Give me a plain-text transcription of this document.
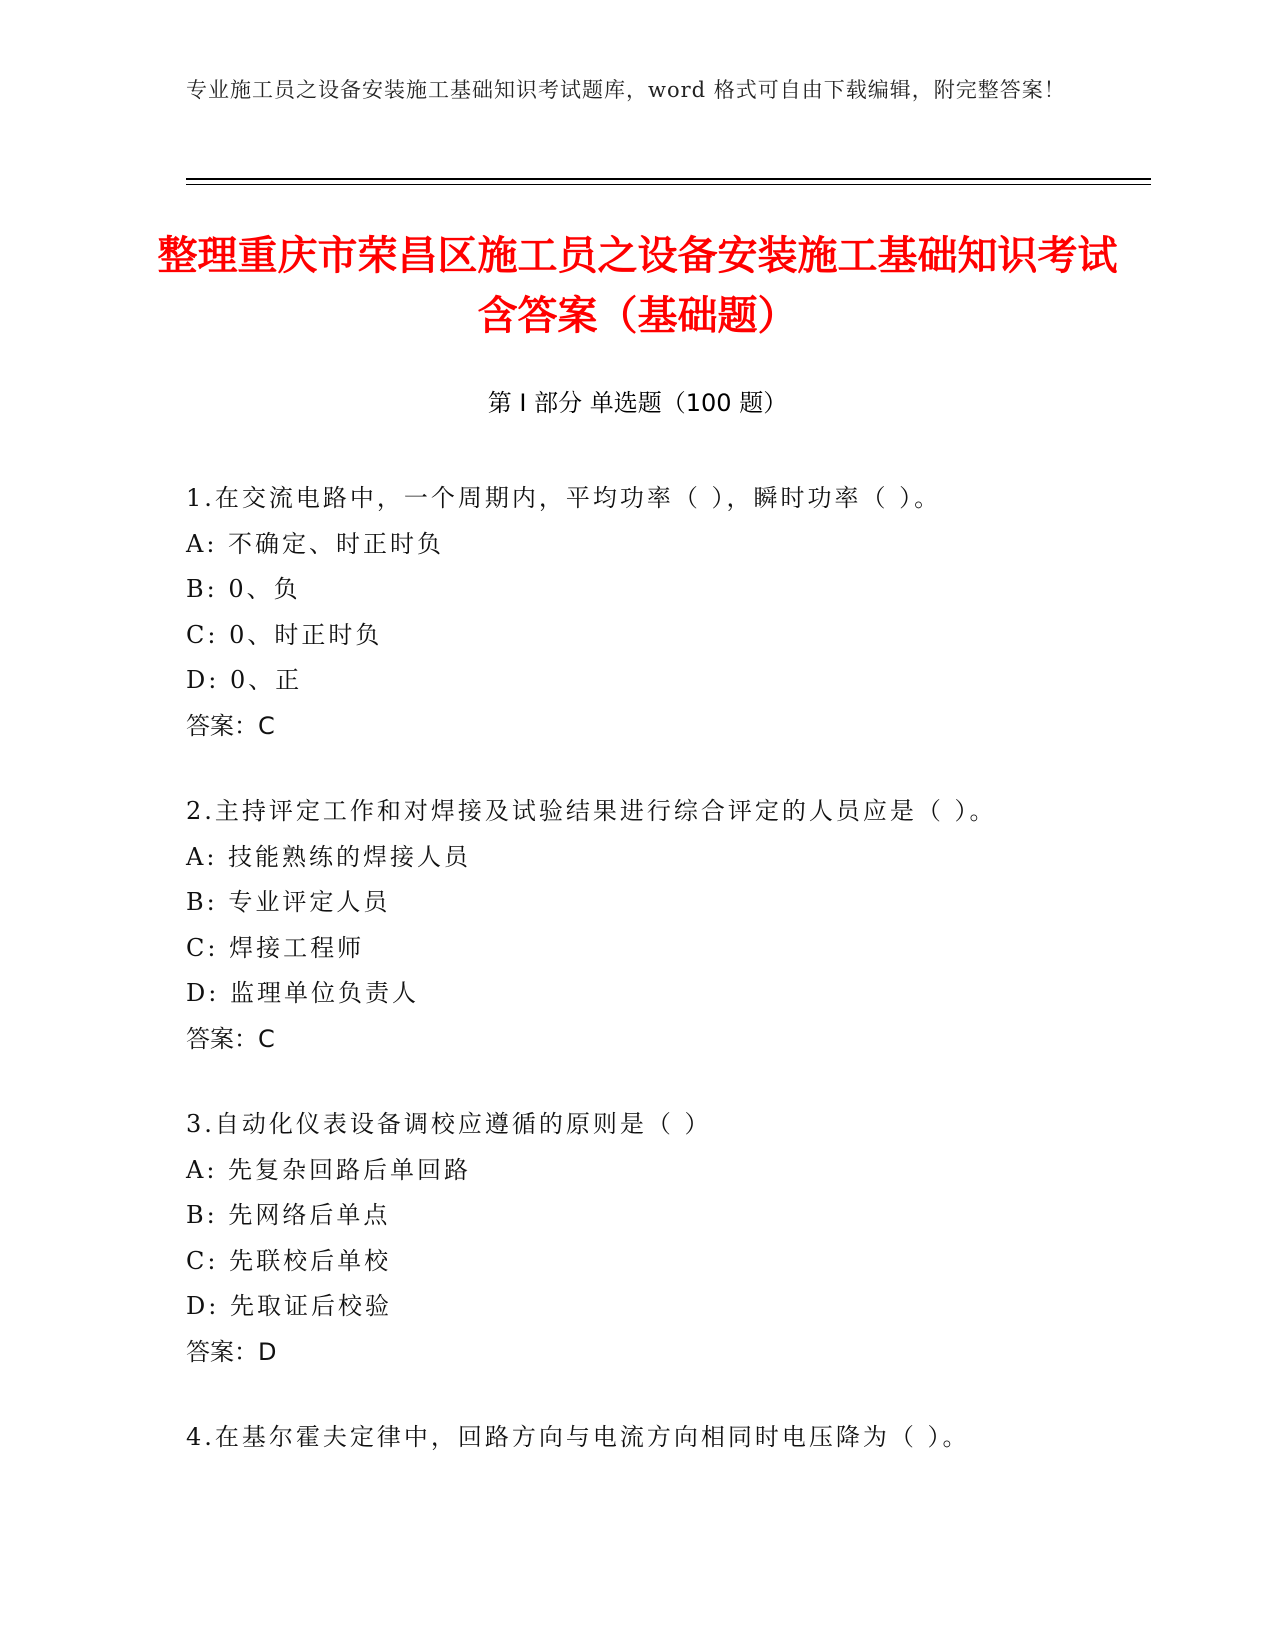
专业施工员之设备安装施工基础知识考试题库，word 格式可自由下载编辑，附完整答案！
整理重庆市荣昌区施工员之设备安装施工基础知识考试含答案（基础题）
第 I 部分 单选题（100 题）
1.在交流电路中，一个周期内，平均功率（ ），瞬时功率（ ）。
A: 不确定、时正时负
B: 0、负
C: 0、时正时负
D: 0、正
答案：C
2.主持评定工作和对焊接及试验结果进行综合评定的人员应是（ ）。
A: 技能熟练的焊接人员
B: 专业评定人员
C: 焊接工程师
D: 监理单位负责人
答案：C
3.自动化仪表设备调校应遵循的原则是（ ）
A: 先复杂回路后单回路
B: 先网络后单点
C: 先联校后单校
D: 先取证后校验
答案：D
4.在基尔霍夫定律中，回路方向与电流方向相同时电压降为（ ）。
